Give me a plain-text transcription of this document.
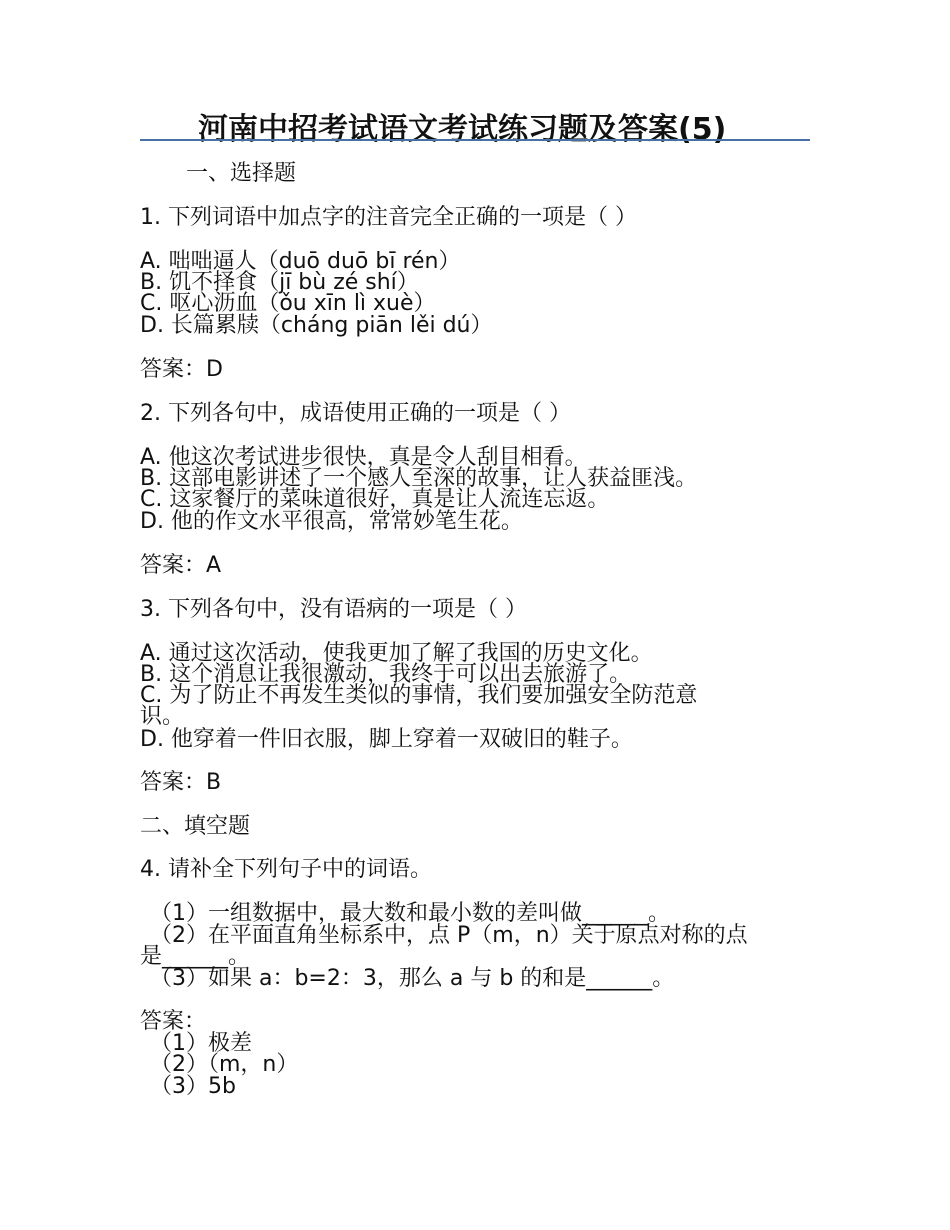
河南中招考试语文考试练习题及答案(5)
一、选择题
1. 下列词语中加点字的注音完全正确的一项是（ ）
A. 咄咄逼人（duō duō bī rén）
B. 饥不择食（jī bù zé shí）
C. 呕心沥血（ǒu xīn lì xuè）
D. 长篇累牍（cháng piān lěi dú）
答案：D
2. 下列各句中，成语使用正确的一项是（ ）
A. 他这次考试进步很快，真是令人刮目相看。
B. 这部电影讲述了一个感人至深的故事，让人获益匪浅。
C. 这家餐厅的菜味道很好，真是让人流连忘返。
D. 他的作文水平很高，常常妙笔生花。
答案：A
3. 下列各句中，没有语病的一项是（ ）
A. 通过这次活动，使我更加了解了我国的历史文化。
B. 这个消息让我很激动，我终于可以出去旅游了。
C. 为了防止不再发生类似的事情，我们要加强安全防范意
识。
D. 他穿着一件旧衣服，脚上穿着一双破旧的鞋子。
答案：B
二、填空题
4. 请补全下列句子中的词语。
（1）一组数据中，最大数和最小数的差叫做______。
（2）在平面直角坐标系中，点 P（m，n）关于原点对称的点
是______。
（3）如果 a：b=2：3，那么 a 与 b 的和是______。
答案：
（1）极差
（2）（m，n）
（3）5b
